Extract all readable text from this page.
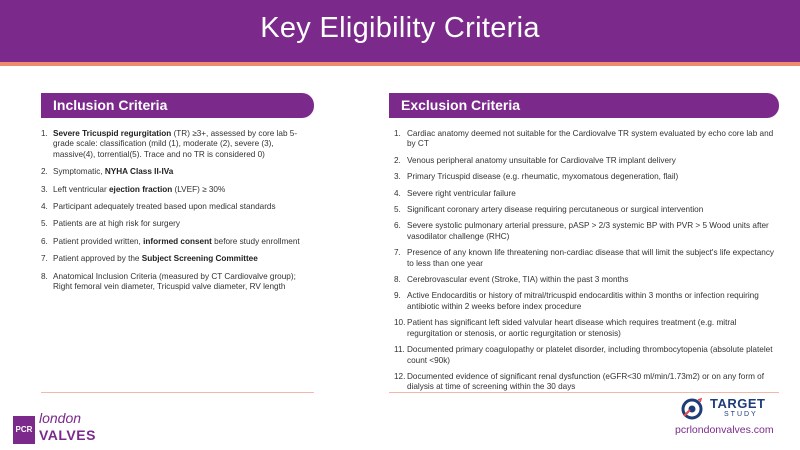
Key Eligibility Criteria
Inclusion Criteria	Exclusion Criteria
1. Severe Tricuspid regurgitation (TR) ≥3+, assessed by core lab 5-grade scale: classification (mild (1), moderate (2), severe (3), massive(4), torrential(5). Trace and no TR is considered 0)
2. Symptomatic, NYHA Class II-IVa
3. Left ventricular ejection fraction (LVEF) ≥ 30%
4. Participant adequately treated based upon medical standards
5. Patients are at high risk for surgery
6. Patient provided written, informed consent before study enrollment
7. Patient approved by the Subject Screening Committee
8. Anatomical Inclusion Criteria (measured by CT Cardiovalve group); Right femoral vein diameter, Tricuspid valve diameter, RV length
1. Cardiac anatomy deemed not suitable for the Cardiovalve TR system evaluated by echo core lab and by CT
2. Venous peripheral anatomy unsuitable for Cardiovalve TR implant delivery
3. Primary Tricuspid disease (e.g. rheumatic, myxomatous degeneration, flail)
4. Severe right ventricular failure
5. Significant coronary artery disease requiring percutaneous or surgical intervention
6. Severe systolic pulmonary arterial pressure, pASP > 2/3 systemic BP with PVR > 5 Wood units after vasodilator challenge (RHC)
7. Presence of any known life threatening non-cardiac disease that will limit the subject's life expectancy to less than one year
8. Cerebrovascular event (Stroke, TIA) within the past 3 months
9. Active Endocarditis or history of mitral/tricuspid endocarditis within 3 months or infection requiring antibiotic within 2 weeks before index procedure
10. Patient has significant left sided valvular heart disease which requires treatment (e.g. mitral regurgitation or stenosis, or aortic regurgitation or stenosis)
11. Documented primary coagulopathy or platelet disorder, including thrombocytopenia (absolute platelet count <90k)
12. Documented evidence of significant renal dysfunction (eGFR<30 ml/min/1.73m2) or on any form of dialysis at time of screening within the 30 days
PCR
london
VALVES
TARGET
STUDY
pcrlondonvalves.com
